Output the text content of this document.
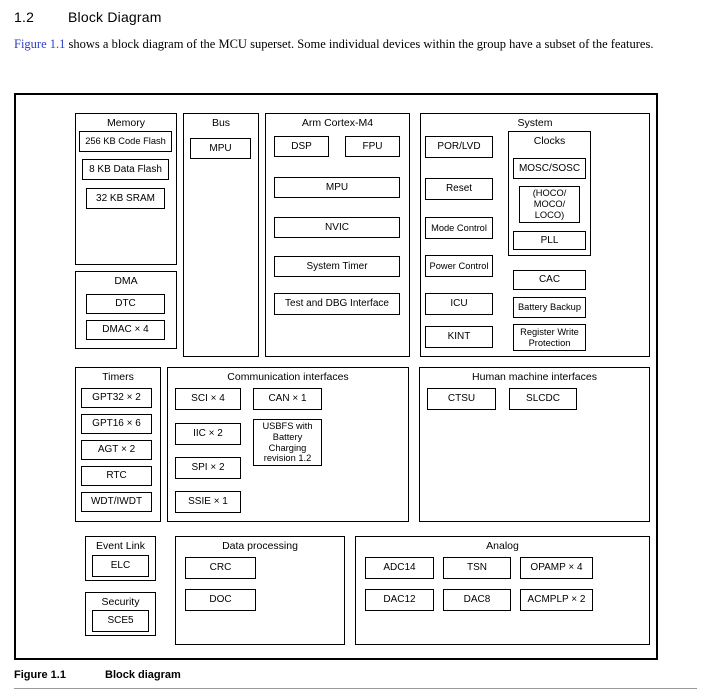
1.2 Block Diagram

Figure 1.1 shows a block diagram of the MCU superset. Some individual devices within the group have a subset of the features.

Memory
256 KB Code Flash
8 KB Data Flash
32 KB SRAM
DMA
DTC
DMAC × 4
Bus
MPU
Arm Cortex-M4
DSP	FPU
MPU
NVIC
System Timer
Test and DBG Interface
System
POR/LVD
Reset
Mode Control
Power Control
ICU
KINT
Clocks
MOSC/SOSC
(HOCO/ MOCO/ LOCO)
PLL
CAC
Battery Backup
Register Write Protection
Timers
GPT32 × 2
GPT16 × 6
AGT × 2
RTC
WDT/IWDT
Communication interfaces
SCI × 4	CAN × 1
IIC × 2
USBFS with Battery Charging revision 1.2
SPI × 2
SSIE × 1
Human machine interfaces
CTSU	SLCDC
Event Link
ELC
Security
SCE5
Data processing
CRC
DOC
Analog
ADC14	TSN	OPAMP × 4
DAC12	DAC8	ACMPLP × 2
Figure 1.1	Block diagram
